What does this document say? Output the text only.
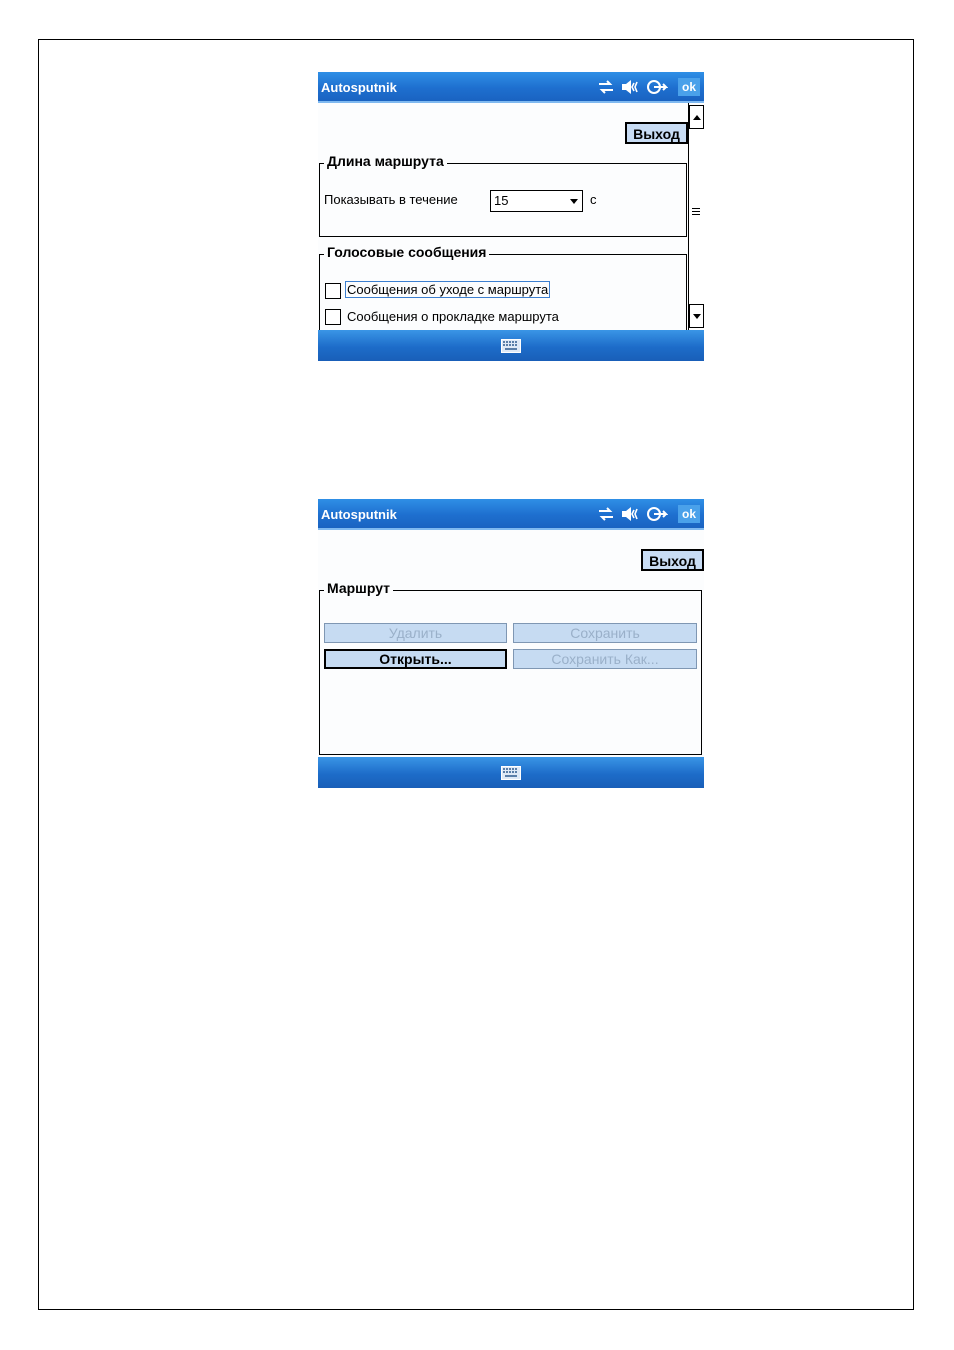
Autosputnik	ok
Выход
Длина маршрута
Показывать в течение	15	с
Голосовые сообщения
Сообщения об уходе с маршрута
Сообщения о прокладке маршрута
Autosputnik	ok
Выход
Маршрут
Удалить	Сохранить
Открыть...	Сохранить Как...
